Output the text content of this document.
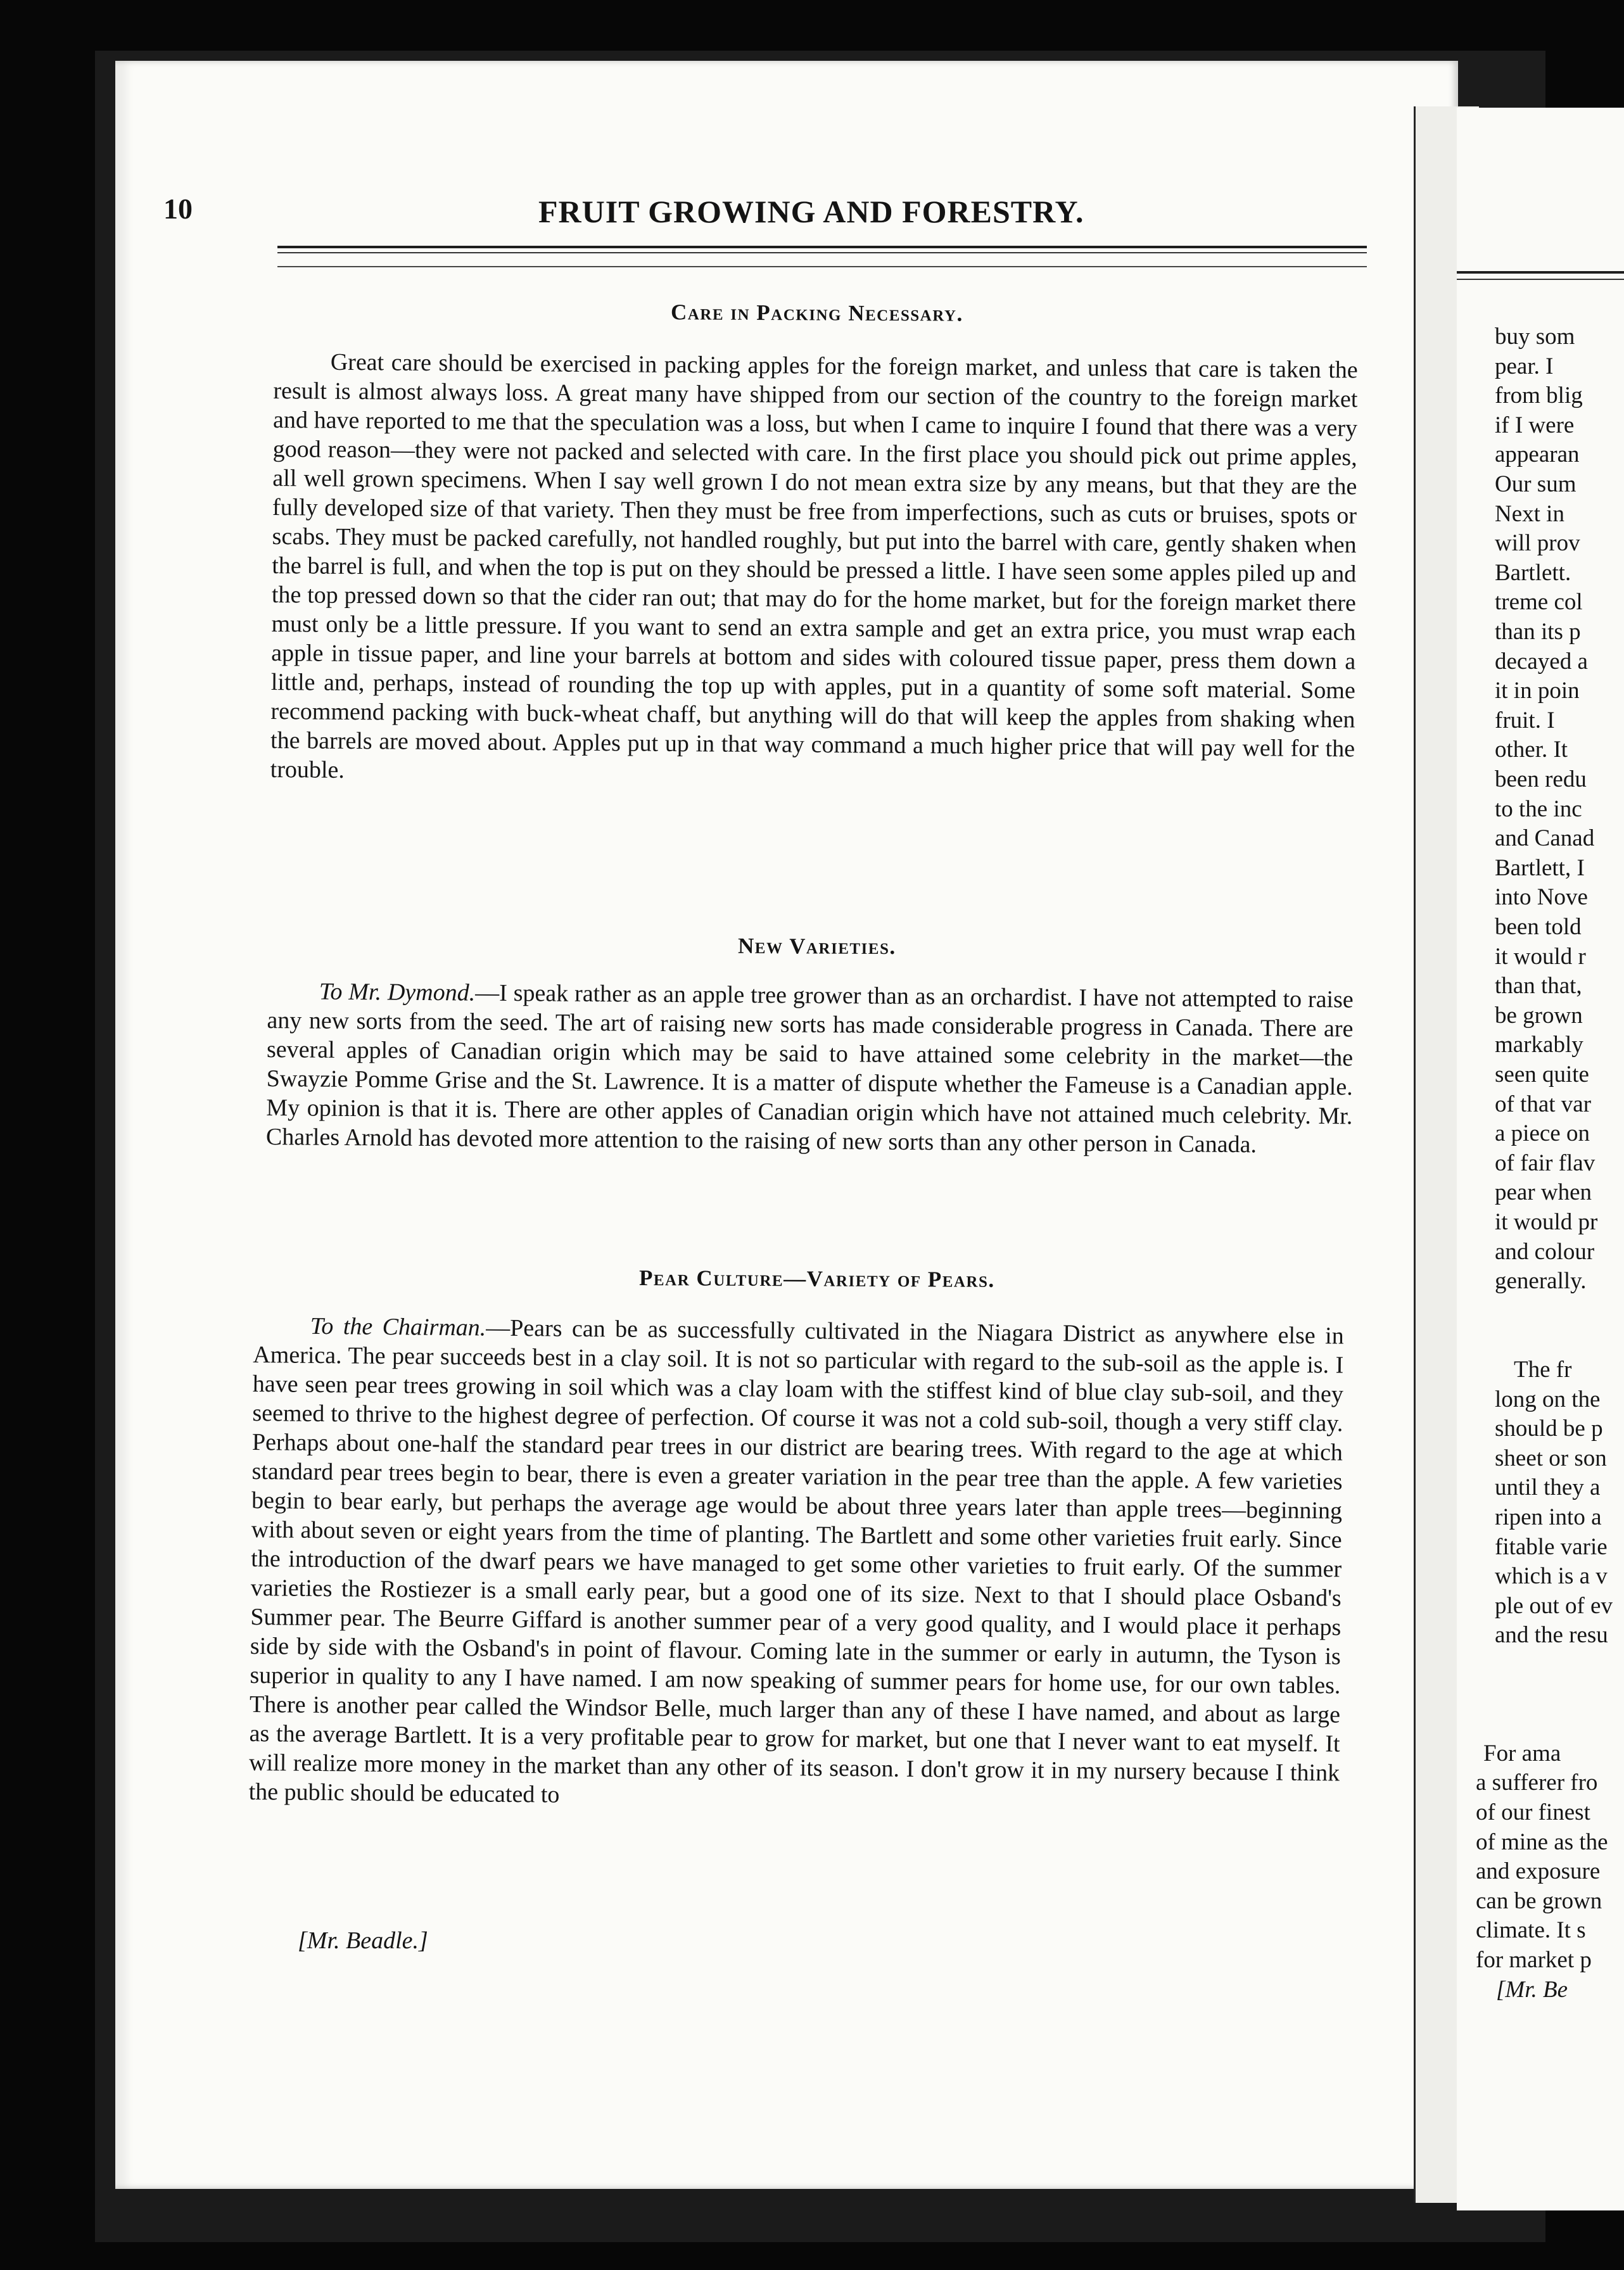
buy som
pear. I
from blig
if I were
appearan
Our sum
Next in
will prov
Bartlett.
treme col
than its p
decayed a
it in poin
fruit. I
other. It
been redu
to the inc
and Canad
Bartlett, I
into Nove
been told
it would r
than that,
be grown
markably
seen quite
of that var
a piece on
of fair flav
pear when
it would pr
and colour
generally.
The fr
long on the
should be p
sheet or son
until they a
ripen into a
fitable varie
which is a v
ple out of ev
and the resu
For ama
a sufferer fro
of our finest
of mine as the
and exposure
can be grown
climate. It s
for market p
[Mr. Be
10	FRUIT GROWING AND FORESTRY.
Care in Packing Necessary.

Great care should be exercised in packing apples for the foreign market, and unless that care is taken the result is almost always loss. A great many have shipped from our section of the country to the foreign market and have reported to me that the speculation was a loss, but when I came to inquire I found that there was a very good reason—they were not packed and selected with care. In the first place you should pick out prime apples, all well grown specimens. When I say well grown I do not mean extra size by any means, but that they are the fully developed size of that variety. Then they must be free from imperfections, such as cuts or bruises, spots or scabs. They must be packed carefully, not handled roughly, but put into the barrel with care, gently shaken when the barrel is full, and when the top is put on they should be pressed a little. I have seen some apples piled up and the top pressed down so that the cider ran out; that may do for the home market, but for the foreign market there must only be a little pressure. If you want to send an extra sample and get an extra price, you must wrap each apple in tissue paper, and line your barrels at bottom and sides with coloured tissue paper, press them down a little and, perhaps, instead of rounding the top up with apples, put in a quantity of some soft material. Some recommend packing with buck-wheat chaff, but anything will do that will keep the apples from shaking when the barrels are moved about. Apples put up in that way command a much higher price that will pay well for the trouble.

New Varieties.

To Mr. Dymond.—I speak rather as an apple tree grower than as an orchardist. I have not attempted to raise any new sorts from the seed. The art of raising new sorts has made considerable progress in Canada. There are several apples of Canadian origin which may be said to have attained some celebrity in the market—the Swayzie Pomme Grise and the St. Lawrence. It is a matter of dispute whether the Fameuse is a Canadian apple. My opinion is that it is. There are other apples of Canadian origin which have not attained much celebrity. Mr. Charles Arnold has devoted more attention to the raising of new sorts than any other person in Canada.

Pear Culture—Variety of Pears.

To the Chairman.—Pears can be as successfully cultivated in the Niagara District as anywhere else in America. The pear succeeds best in a clay soil. It is not so particular with regard to the sub-soil as the apple is. I have seen pear trees growing in soil which was a clay loam with the stiffest kind of blue clay sub-soil, and they seemed to thrive to the highest degree of perfection. Of course it was not a cold sub-soil, though a very stiff clay. Perhaps about one-half the standard pear trees in our district are bearing trees. With regard to the age at which standard pear trees begin to bear, there is even a greater variation in the pear tree than the apple. A few varieties begin to bear early, but perhaps the average age would be about three years later than apple trees—beginning with about seven or eight years from the time of planting. The Bartlett and some other varieties fruit early. Since the introduction of the dwarf pears we have managed to get some other varieties to fruit early. Of the summer varieties the Rostiezer is a small early pear, but a good one of its size. Next to that I should place Osband's Summer pear. The Beurre Giffard is another summer pear of a very good quality, and I would place it perhaps side by side with the Osband's in point of flavour. Coming late in the summer or early in autumn, the Tyson is superior in quality to any I have named. I am now speaking of summer pears for home use, for our own tables. There is another pear called the Windsor Belle, much larger than any of these I have named, and about as large as the average Bartlett. It is a very profitable pear to grow for market, but one that I never want to eat myself. It will realize more money in the market than any other of its season. I don't grow it in my nursery because I think the public should be educated to

[Mr. Beadle.]
